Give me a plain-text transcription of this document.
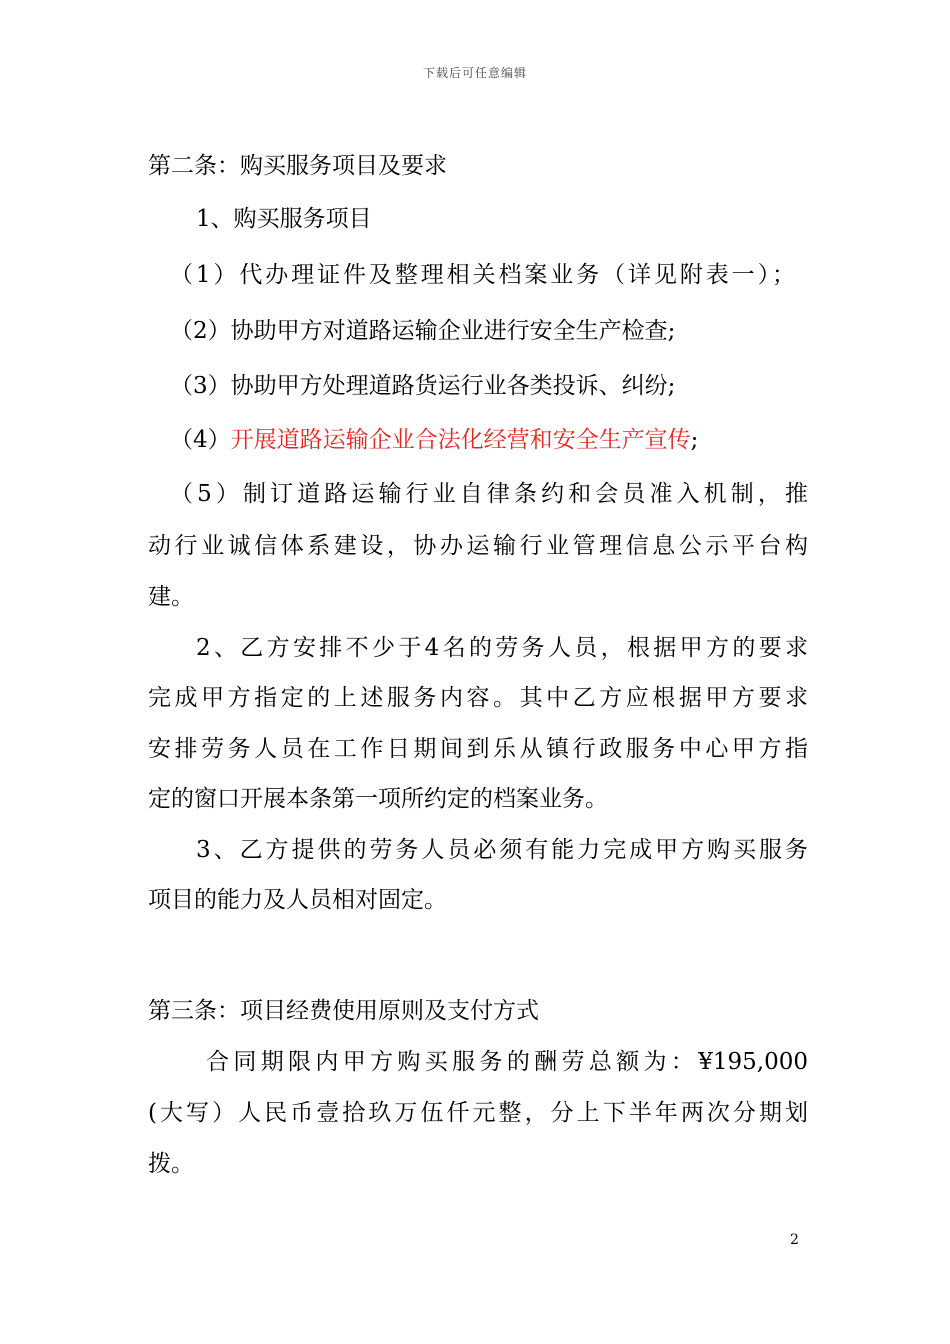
下载后可任意编辑
第二条：购买服务项目及要求
1、购买服务项目
（1）代办理证件及整理相关档案业务（详见附表一）；
（2）协助甲方对道路运输企业进行安全生产检查;
（3）协助甲方处理道路货运行业各类投诉、纠纷;
（4）开展道路运输企业合法化经营和安全生产宣传;
（5）制订道路运输行业自律条约和会员准入机制，推
动行业诚信体系建设，协办运输行业管理信息公示平台构
建。
2、乙方安排不少于4名的劳务人员，根据甲方的要求
完成甲方指定的上述服务内容。其中乙方应根据甲方要求
安排劳务人员在工作日期间到乐从镇行政服务中心甲方指
定的窗口开展本条第一项所约定的档案业务。
3、乙方提供的劳务人员必须有能力完成甲方购买服务
项目的能力及人员相对固定。
第三条：项目经费使用原则及支付方式
合同期限内甲方购买服务的酬劳总额为：¥195,000
(大写）人民币壹拾玖万伍仟元整，分上下半年两次分期划
拨。
2
